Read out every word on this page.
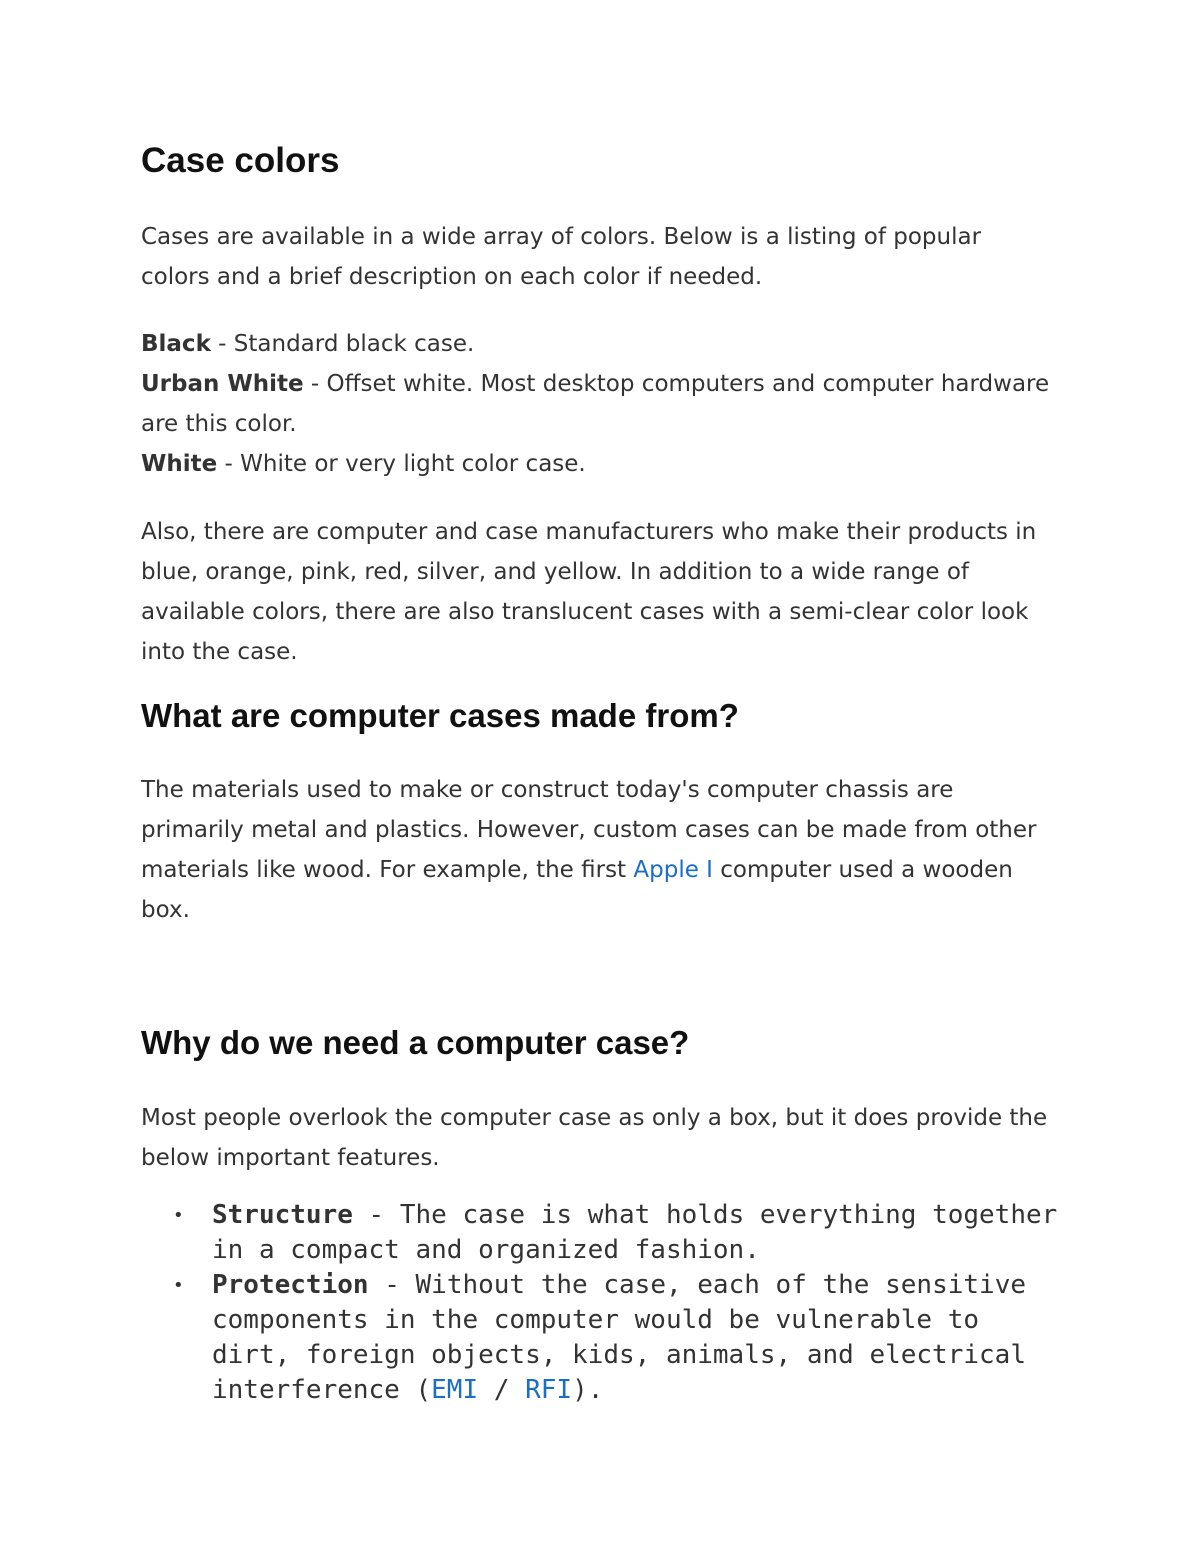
Case colors

Cases are available in a wide array of colors. Below is a listing of popular colors and a brief description on each color if needed.

Black - Standard black case.
Urban White - Offset white. Most desktop computers and computer hardware are this color.
White - White or very light color case.

Also, there are computer and case manufacturers who make their products in blue, orange, pink, red, silver, and yellow. In addition to a wide range of available colors, there are also translucent cases with a semi-clear color look into the case.

What are computer cases made from?

The materials used to make or construct today's computer chassis are primarily metal and plastics. However, custom cases can be made from other materials like wood. For example, the first Apple I computer used a wooden box.

Why do we need a computer case?

Most people overlook the computer case as only a box, but it does provide the below important features.

• Structure - The case is what holds everything together in a compact and organized fashion.
• Protection - Without the case, each of the sensitive components in the computer would be vulnerable to dirt, foreign objects, kids, animals, and electrical interference (EMI / RFI).
